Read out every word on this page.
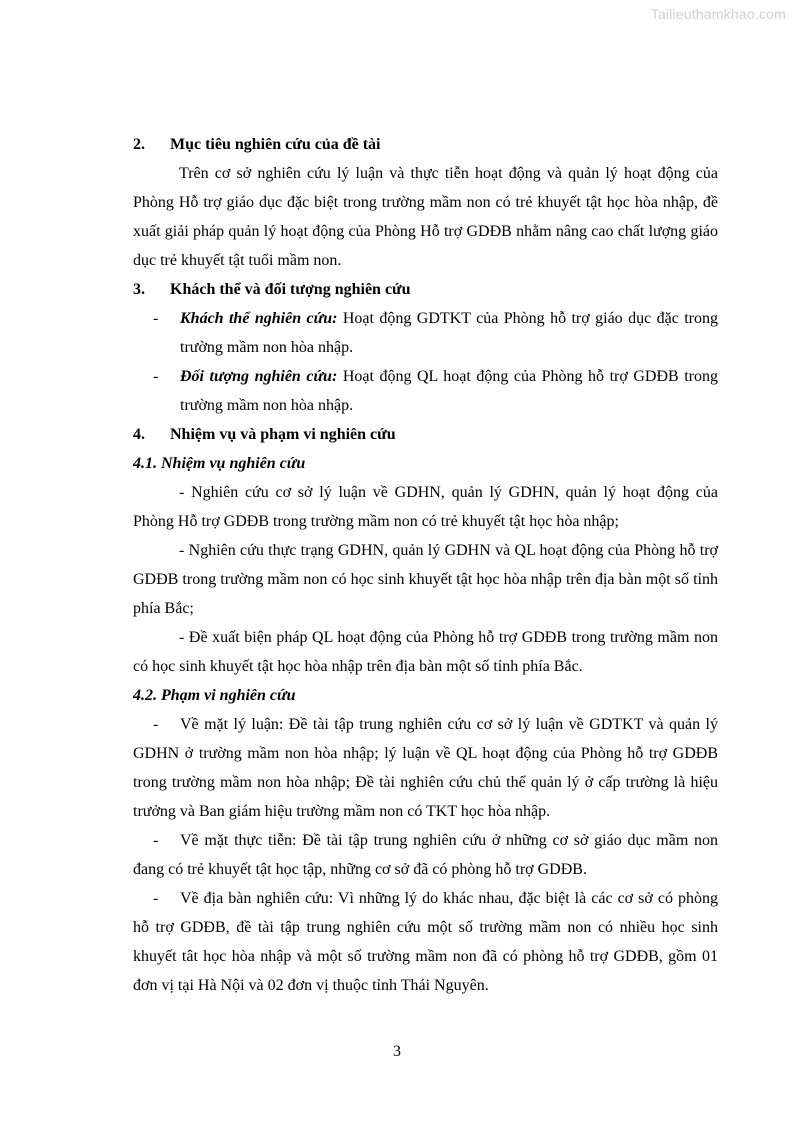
Tailieuthamkhao.com
2.	Mục tiêu nghiên cứu của đề tài

Trên cơ sở nghiên cứu lý luận và thực tiễn hoạt động và quản lý hoạt động của Phòng Hỗ trợ giáo dục đặc biệt trong trường mầm non có trẻ khuyết tật học hòa nhập, đề xuất giải pháp quản lý hoạt động của Phòng Hỗ trợ GDĐB nhằm nâng cao chất lượng giáo dục trẻ khuyết tật tuổi mầm non.

3.	Khách thể và đối tượng nghiên cứu
-	Khách thể nghiên cứu: Hoạt động GDTKT của Phòng hỗ trợ giáo dục đặc trong trường mầm non hòa nhập.
-	Đối tượng nghiên cứu: Hoạt động QL hoạt động của Phòng hỗ trợ GDĐB trong trường mầm non hòa nhập.
4.	Nhiệm vụ và phạm vi nghiên cứu

4.1. Nhiệm vụ nghiên cứu

- Nghiên cứu cơ sở lý luận về GDHN, quản lý GDHN, quản lý hoạt động của Phòng Hỗ trợ GDĐB trong trường mầm non có trẻ khuyết tật học hòa nhập;

- Nghiên cứu thực trạng GDHN, quản lý GDHN và QL hoạt động của Phòng hỗ trợ GDĐB trong trường mầm non có học sinh khuyết tật học hòa nhập trên địa bàn một số tỉnh phía Bắc;

- Đề xuất biện pháp QL hoạt động của Phòng hỗ trợ GDĐB trong trường mầm non có học sinh khuyết tật học hòa nhập trên địa bàn một số tỉnh phía Bắc.

4.2. Phạm vi nghiên cứu

- Về mặt lý luận: Đề tài tập trung nghiên cứu cơ sở lý luận về GDTKT và quản lý GDHN ở trường mầm non hòa nhập; lý luận về QL hoạt động của Phòng hỗ trợ GDĐB trong trường mầm non hòa nhập; Đề tài nghiên cứu chủ thể quản lý ở cấp trường là hiệu trưởng và Ban giám hiệu trường mầm non có TKT học hòa nhập.

- Về mặt thực tiễn: Đề tài tập trung nghiên cứu ở những cơ sở giáo dục mầm non đang có trẻ khuyết tật học tập, những cơ sở đã có phòng hỗ trợ GDĐB.

- Về địa bàn nghiên cứu: Vì những lý do khác nhau, đặc biệt là các cơ sở có phòng hỗ trợ GDĐB, đề tài tập trung nghiên cứu một số trường mầm non có nhiều học sinh khuyết tât học hòa nhập và một số trường mầm non đã có phòng hỗ trợ GDĐB, gồm 01 đơn vị tại Hà Nội và 02 đơn vị thuộc tỉnh Thái Nguyên.

3
